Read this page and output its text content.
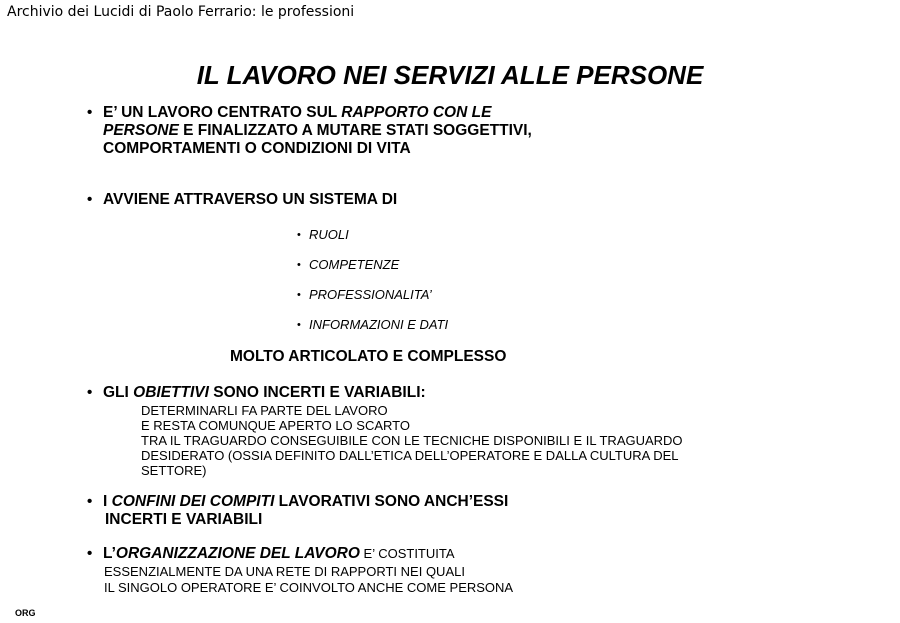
Archivio dei Lucidi di Paolo Ferrario: le professioni
IL LAVORO NEI SERVIZI ALLE PERSONE
• E’ UN LAVORO CENTRATO SUL RAPPORTO CON LE
PERSONE E FINALIZZATO A MUTARE STATI SOGGETTIVI,
COMPORTAMENTI O CONDIZIONI DI VITA
• AVVIENE ATTRAVERSO UN SISTEMA DI
• RUOLI
• COMPETENZE
• PROFESSIONALITA’
• INFORMAZIONI E DATI
MOLTO ARTICOLATO E COMPLESSO
• GLI OBIETTIVI SONO INCERTI E VARIABILI:
DETERMINARLI FA PARTE DEL LAVORO
E RESTA COMUNQUE APERTO LO SCARTO
TRA IL TRAGUARDO CONSEGUIBILE CON LE TECNICHE DISPONIBILI E IL TRAGUARDO
DESIDERATO (OSSIA DEFINITO DALL’ETICA DELL’OPERATORE E DALLA CULTURA DEL
SETTORE)
• I CONFINI DEI COMPITI LAVORATIVI SONO ANCH’ESSI
INCERTI E VARIABILI
• L’ORGANIZZAZIONE DEL LAVORO E’ COSTITUITA
ESSENZIALMENTE DA UNA RETE DI RAPPORTI NEI QUALI
IL SINGOLO OPERATORE E’ COINVOLTO ANCHE COME PERSONA
ORG
